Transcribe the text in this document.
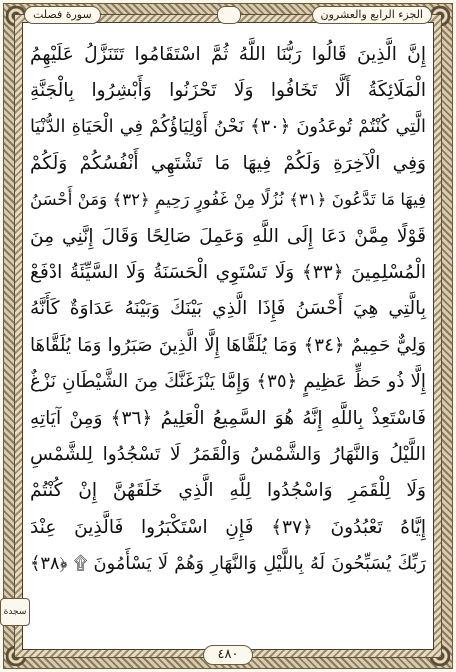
الجزء الرابع والعشرون
سورة فصلت
إِنَّ الَّذِينَ قَالُوا رَبُّنَا اللَّهُ ثُمَّ اسْتَقَامُوا تَتَنَزَّلُ عَلَيْهِمُ
الْمَلَائِكَةُ أَلَّا تَخَافُوا وَلَا تَحْزَنُوا وَأَبْشِرُوا بِالْجَنَّةِ
الَّتِي كُنْتُمْ تُوعَدُونَ ﴿٣٠﴾ نَحْنُ أَوْلِيَاؤُكُمْ فِي الْحَيَاةِ الدُّنْيَا
وَفِي الْآخِرَةِ وَلَكُمْ فِيهَا مَا تَشْتَهِي أَنْفُسُكُمْ وَلَكُمْ
فِيهَا مَا تَدَّعُونَ ﴿٣١﴾ نُزُلًا مِنْ غَفُورٍ رَحِيمٍ ﴿٣٢﴾ وَمَنْ أَحْسَنُ
قَوْلًا مِمَّنْ دَعَا إِلَى اللَّهِ وَعَمِلَ صَالِحًا وَقَالَ إِنَّنِي مِنَ
الْمُسْلِمِينَ ﴿٣٣﴾ وَلَا تَسْتَوِي الْحَسَنَةُ وَلَا السَّيِّئَةُ ادْفَعْ
بِالَّتِي هِيَ أَحْسَنُ فَإِذَا الَّذِي بَيْنَكَ وَبَيْنَهُ عَدَاوَةٌ كَأَنَّهُ
وَلِيٌّ حَمِيمٌ ﴿٣٤﴾ وَمَا يُلَقَّاهَا إِلَّا الَّذِينَ صَبَرُوا وَمَا يُلَقَّاهَا
إِلَّا ذُو حَظٍّ عَظِيمٍ ﴿٣٥﴾ وَإِمَّا يَنْزَغَنَّكَ مِنَ الشَّيْطَانِ نَزْغٌ
فَاسْتَعِذْ بِاللَّهِ إِنَّهُ هُوَ السَّمِيعُ الْعَلِيمُ ﴿٣٦﴾ وَمِنْ آيَاتِهِ
اللَّيْلُ وَالنَّهَارُ وَالشَّمْسُ وَالْقَمَرُ لَا تَسْجُدُوا لِلشَّمْسِ
وَلَا لِلْقَمَرِ وَاسْجُدُوا لِلَّهِ الَّذِي خَلَقَهُنَّ إِنْ كُنْتُمْ
إِيَّاهُ تَعْبُدُونَ ﴿٣٧﴾ فَإِنِ اسْتَكْبَرُوا فَالَّذِينَ عِنْدَ
رَبِّكَ يُسَبِّحُونَ لَهُ بِاللَّيْلِ وَالنَّهَارِ وَهُمْ لَا يَسْأَمُونَ ۩ ﴿٣٨﴾
سجدة
٤٨٠
